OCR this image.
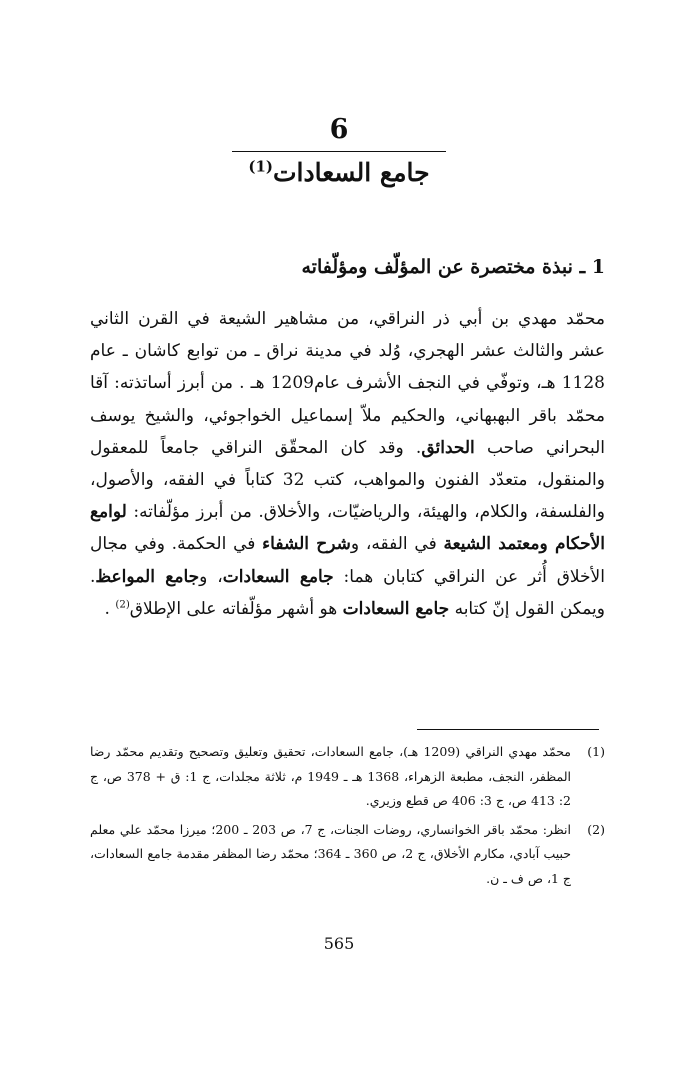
6
جامع السعادات$^{(1)}$
1 ـ نبذة مختصرة عن المؤلّف ومؤلّفاته
محمّد مهدي بن أبي ذر النراقي، من مشاهير الشيعة في القرن الثاني عشر والثالث عشر الهجري، وُلد في مدينة نراق ـ من توابع كاشان ـ عام 1128 هـ، وتوفّي في النجف الأشرف عام1209 هـ . من أبرز أساتذته: آقا محمّد باقر البهبهاني، والحكيم ملاّ إسماعيل الخواجوئي، والشيخ يوسف البحراني صاحب الحدائق. وقد كان المحقّق النراقي جامعاً للمعقول والمنقول، متعدّد الفنون والمواهب، كتب 32 كتاباً في الفقه، والأصول، والفلسفة، والكلام، والهيئة، والرياضيّات، والأخلاق. من أبرز مؤلّفاته: لوامع الأحكام ومعتمد الشيعة في الفقه، وشرح الشفاء في الحكمة. وفي مجال الأخلاق أُثر عن النراقي كتابان هما: جامع السعادات، وجامع المواعظ. ويمكن القول إنّ كتابه جامع السعادات هو أشهر مؤلّفاته على الإطلاق$^{(2)}$ .
(1)
محمّد مهدي النراقي (1209 هـ)، جامع السعادات، تحقيق وتعليق وتصحيح وتقديم محمّد رضا المظفر، النجف، مطبعة الزهراء، 1368 هـ ـ 1949 م، ثلاثة مجلدات، ج 1: ق + 378 ص، ج 2: 413 ص، ج 3: 406 ص قطع وزيري.
(2)
انظر: محمّد باقر الخوانساري، روضات الجنات، ج 7، ص 203 ـ 200؛ ميرزا محمّد علي معلم حبيب آبادي، مكارم الأخلاق، ج 2، ص 360 ـ 364؛ محمّد رضا المظفر مقدمة جامع السعادات، ج 1، ص ف ـ ن.
565
